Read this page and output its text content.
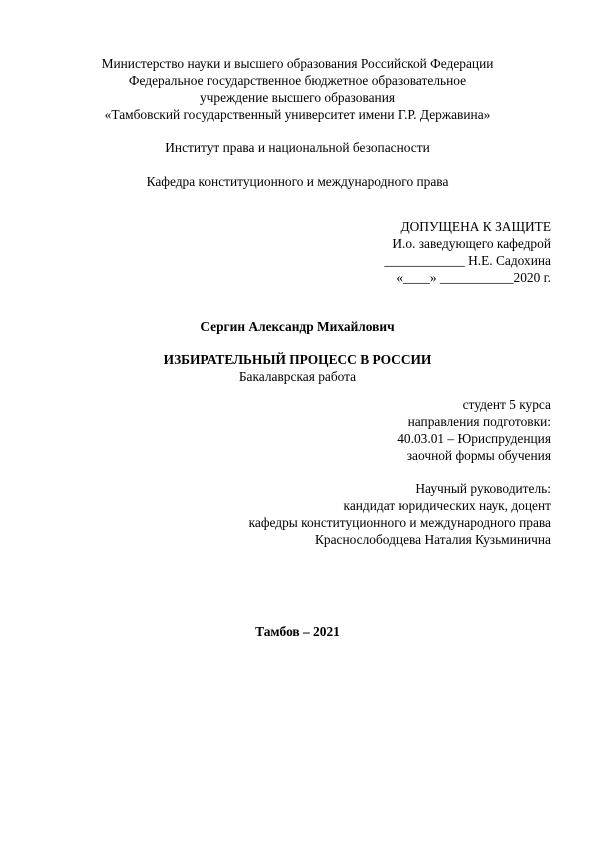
Министерство науки и высшего образования Российской Федерации
Федеральное государственное бюджетное образовательное
учреждение высшего образования
«Тамбовский государственный университет имени Г.Р. Державина»
Институт права и национальной безопасности
Кафедра конституционного и международного права
ДОПУЩЕНА К ЗАЩИТЕ
И.о. заведующего кафедрой
____________ Н.Е. Садохина
«____» ___________2020 г.
Сергин Александр Михайлович
ИЗБИРАТЕЛЬНЫЙ ПРОЦЕСС В РОССИИ
Бакалаврская работа
студент 5 курса
направления подготовки:
40.03.01 – Юриспруденция
заочной формы обучения
Научный руководитель:
кандидат юридических наук, доцент
кафедры конституционного и международного права
Краснослободцева Наталия Кузьминична
Тамбов – 2021
